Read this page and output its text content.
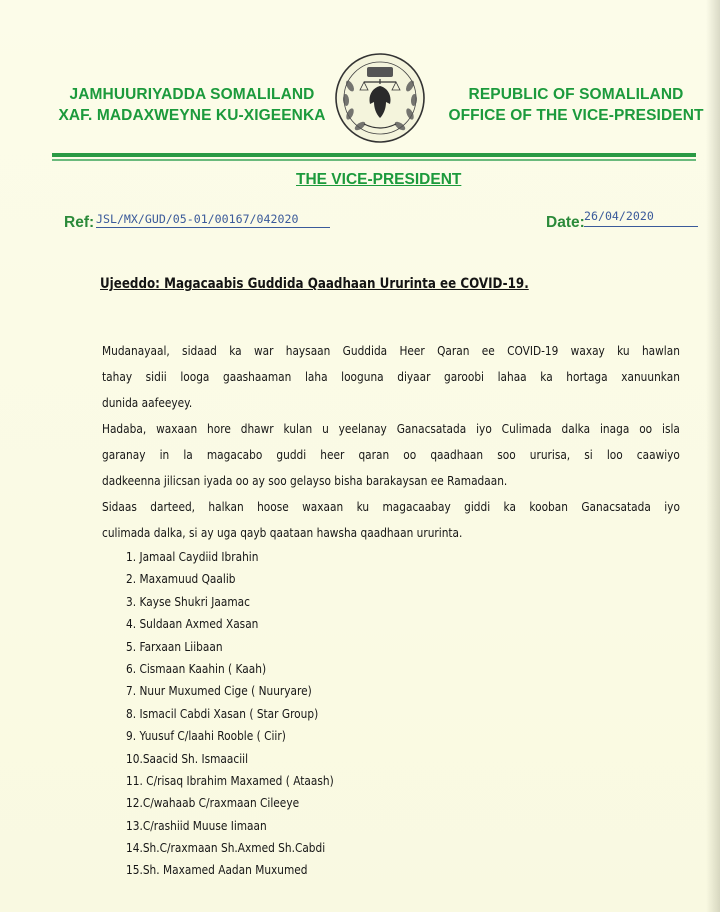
JAMHUURIYADDA SOMALILAND
XAF. MADAXWEYNE KU-XIGEENKA
REPUBLIC OF SOMALILAND
OFFICE OF THE VICE-PRESIDENT
THE VICE-PRESIDENT
Ref: JSL/MX/GUD/05-01/00167/042020	Date: 26/04/2020
Ujeeddo: Magacaabis Guddida Qaadhaan Ururinta ee COVID-19.
Mudanayaal, sidaad ka war haysaan Guddida Heer Qaran ee COVID-19 waxay ku hawlan
tahay sidii looga gaashaaman laha looguna diyaar garoobi lahaa ka hortaga xanuunkan
dunida aafeeyey.
Hadaba, waxaan hore dhawr kulan u yeelanay Ganacsatada iyo Culimada dalka inaga oo isla
garanay in la magacabo guddi heer qaran oo qaadhaan soo ururisa, si loo caawiyo
dadkeenna jilicsan iyada oo ay soo gelayso bisha barakaysan ee Ramadaan.
Sidaas darteed, halkan hoose waxaan ku magacaabay giddi ka kooban Ganacsatada iyo
culimada dalka, si ay uga qayb qaataan hawsha qaadhaan ururinta.
1. Jamaal Caydiid Ibrahin
2. Maxamuud Qaalib
3. Kayse Shukri Jaamac
4. Suldaan Axmed Xasan
5. Farxaan Liibaan
6. Cismaan Kaahin ( Kaah)
7. Nuur Muxumed Cige ( Nuuryare)
8. Ismacil Cabdi Xasan ( Star Group)
9. Yuusuf C/laahi Rooble ( Ciir)
10.Saacid Sh. Ismaaciil
11. C/risaq Ibrahim Maxamed ( Ataash)
12.C/wahaab C/raxmaan Cileeye
13.C/rashiid Muuse Iimaan
14.Sh.C/raxmaan Sh.Axmed Sh.Cabdi
15.Sh. Maxamed Aadan Muxumed
